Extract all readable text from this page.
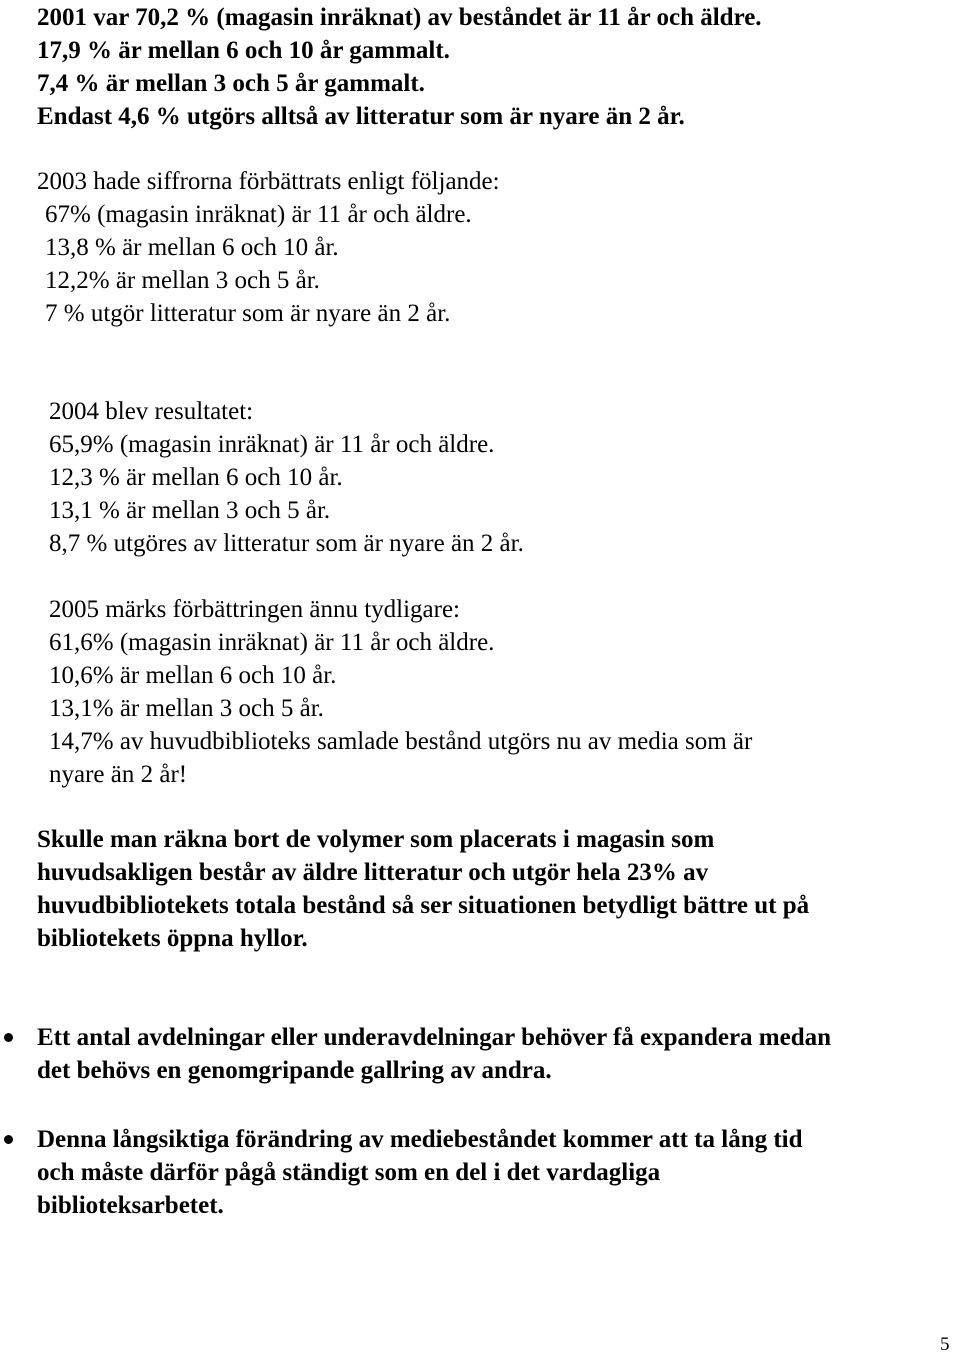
2001 var 70,2 % (magasin inräknat) av beståndet är 11 år och äldre.
17,9 % är mellan 6 och 10 år gammalt.
7,4 % är mellan 3 och 5 år gammalt.
Endast 4,6 % utgörs alltså av litteratur som är nyare än 2 år.
2003 hade siffrorna förbättrats enligt följande:
67% (magasin inräknat) är 11 år och äldre.
13,8 % är mellan 6 och 10 år.
12,2% är mellan 3 och 5 år.
7 % utgör litteratur som är nyare än 2 år.
2004 blev resultatet:
65,9% (magasin inräknat) är 11 år och äldre.
12,3 % är mellan 6 och 10 år.
13,1 % är mellan 3 och 5 år.
8,7 % utgöres av litteratur som är nyare än 2 år.
2005 märks förbättringen ännu tydligare:
61,6% (magasin inräknat) är 11 år och äldre.
10,6% är mellan 6 och 10 år.
13,1% är mellan 3 och 5 år.
14,7% av huvudbiblioteks samlade bestånd utgörs nu av media som är
nyare än 2 år!
Skulle man räkna bort de volymer som placerats i magasin som
huvudsakligen består av äldre litteratur och utgör hela 23% av
huvudbibliotekets totala bestånd så ser situationen betydligt bättre ut på
bibliotekets öppna hyllor.
Ett antal avdelningar eller underavdelningar behöver få expandera medan
det behövs en genomgripande gallring av andra.
Denna långsiktiga förändring av mediebeståndet kommer att ta lång tid
och måste därför pågå ständigt som en del i det vardagliga
biblioteksarbetet.
5
